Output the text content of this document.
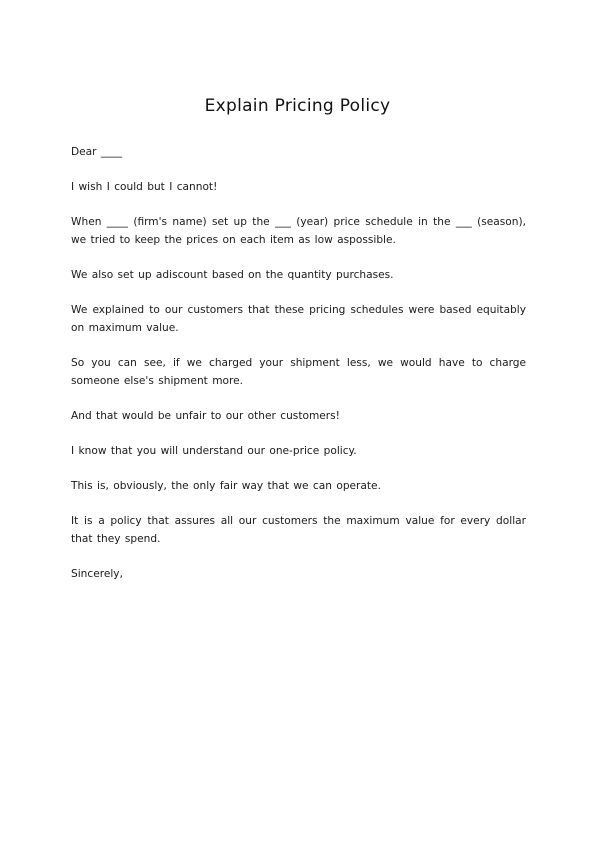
Explain Pricing Policy

Dear ____

I wish I could but I cannot!

When ____ (firm's name) set up the ___ (year) price schedule in the ___ (season), we tried to keep the prices on each item as low aspossible.

We also set up adiscount based on the quantity purchases.

We explained to our customers that these pricing schedules were based equitably on maximum value.

So you can see, if we charged your shipment less, we would have to charge someone else's shipment more.

And that would be unfair to our other customers!

I know that you will understand our one-price policy.

This is, obviously, the only fair way that we can operate.

It is a policy that assures all our customers the maximum value for every dollar that they spend.

Sincerely,
